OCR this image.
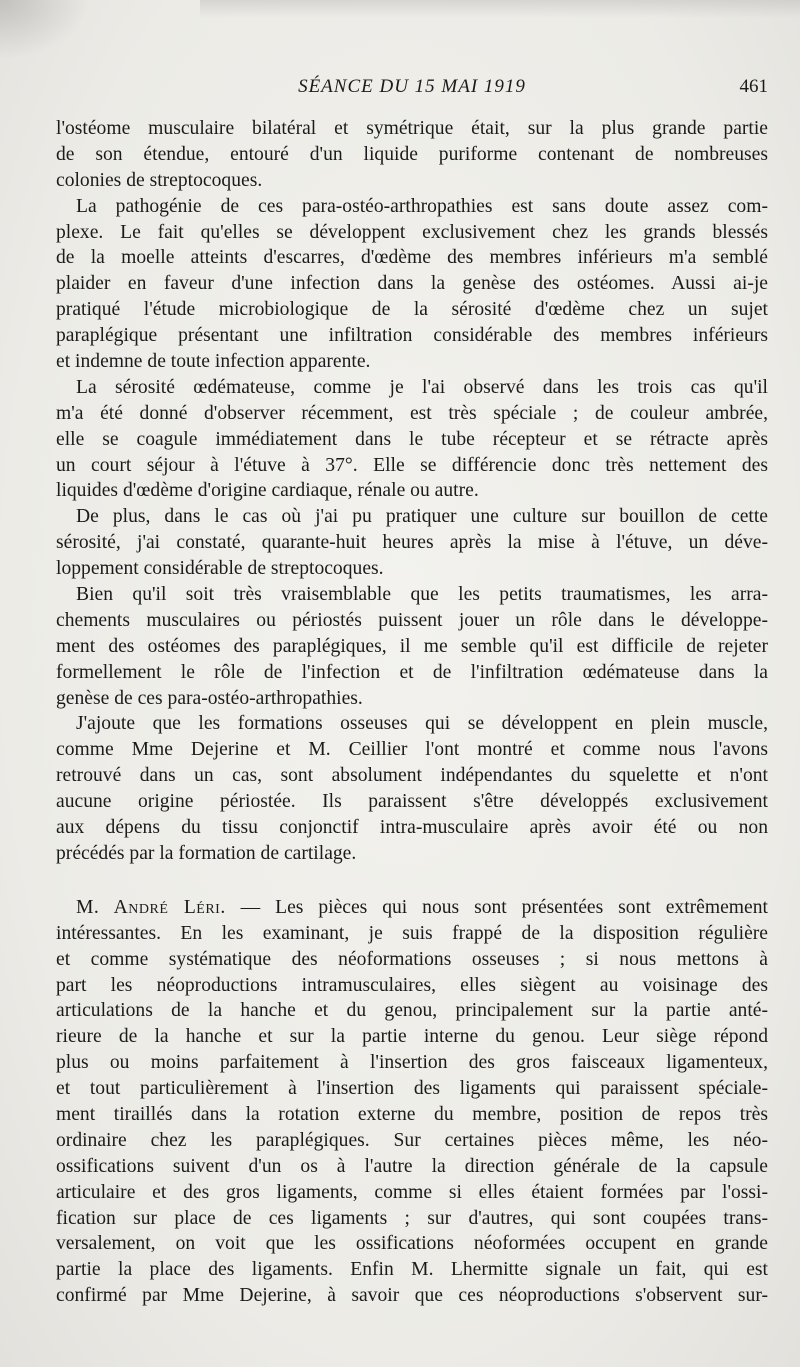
SÉANCE DU 15 MAI 1919	461
l'ostéome musculaire bilatéral et symétrique était, sur la plus grande partie
de son étendue, entouré d'un liquide puriforme contenant de nombreuses
colonies de streptocoques.
La pathogénie de ces para-ostéo-arthropathies est sans doute assez com-
plexe. Le fait qu'elles se développent exclusivement chez les grands blessés
de la moelle atteints d'escarres, d'œdème des membres inférieurs m'a semblé
plaider en faveur d'une infection dans la genèse des ostéomes. Aussi ai-je
pratiqué l'étude microbiologique de la sérosité d'œdème chez un sujet
paraplégique présentant une infiltration considérable des membres inférieurs
et indemne de toute infection apparente.
La sérosité œdémateuse, comme je l'ai observé dans les trois cas qu'il
m'a été donné d'observer récemment, est très spéciale ; de couleur ambrée,
elle se coagule immédiatement dans le tube récepteur et se rétracte après
un court séjour à l'étuve à 37°. Elle se différencie donc très nettement des
liquides d'œdème d'origine cardiaque, rénale ou autre.
De plus, dans le cas où j'ai pu pratiquer une culture sur bouillon de cette
sérosité, j'ai constaté, quarante-huit heures après la mise à l'étuve, un déve-
loppement considérable de streptocoques.
Bien qu'il soit très vraisemblable que les petits traumatismes, les arra-
chements musculaires ou périostés puissent jouer un rôle dans le développe-
ment des ostéomes des paraplégiques, il me semble qu'il est difficile de rejeter
formellement le rôle de l'infection et de l'infiltration œdémateuse dans la
genèse de ces para-ostéo-arthropathies.
J'ajoute que les formations osseuses qui se développent en plein muscle,
comme Mme Dejerine et M. Ceillier l'ont montré et comme nous l'avons
retrouvé dans un cas, sont absolument indépendantes du squelette et n'ont
aucune origine périostée. Ils paraissent s'être développés exclusivement
aux dépens du tissu conjonctif intra-musculaire après avoir été ou non
précédés par la formation de cartilage.
M. André Léri. — Les pièces qui nous sont présentées sont extrêmement
intéressantes. En les examinant, je suis frappé de la disposition régulière
et comme systématique des néoformations osseuses ; si nous mettons à
part les néoproductions intramusculaires, elles siègent au voisinage des
articulations de la hanche et du genou, principalement sur la partie anté-
rieure de la hanche et sur la partie interne du genou. Leur siège répond
plus ou moins parfaitement à l'insertion des gros faisceaux ligamenteux,
et tout particulièrement à l'insertion des ligaments qui paraissent spéciale-
ment tiraillés dans la rotation externe du membre, position de repos très
ordinaire chez les paraplégiques. Sur certaines pièces même, les néo-
ossifications suivent d'un os à l'autre la direction générale de la capsule
articulaire et des gros ligaments, comme si elles étaient formées par l'ossi-
fication sur place de ces ligaments ; sur d'autres, qui sont coupées trans-
versalement, on voit que les ossifications néoformées occupent en grande
partie la place des ligaments. Enfin M. Lhermitte signale un fait, qui est
confirmé par Mme Dejerine, à savoir que ces néoproductions s'observent sur-
